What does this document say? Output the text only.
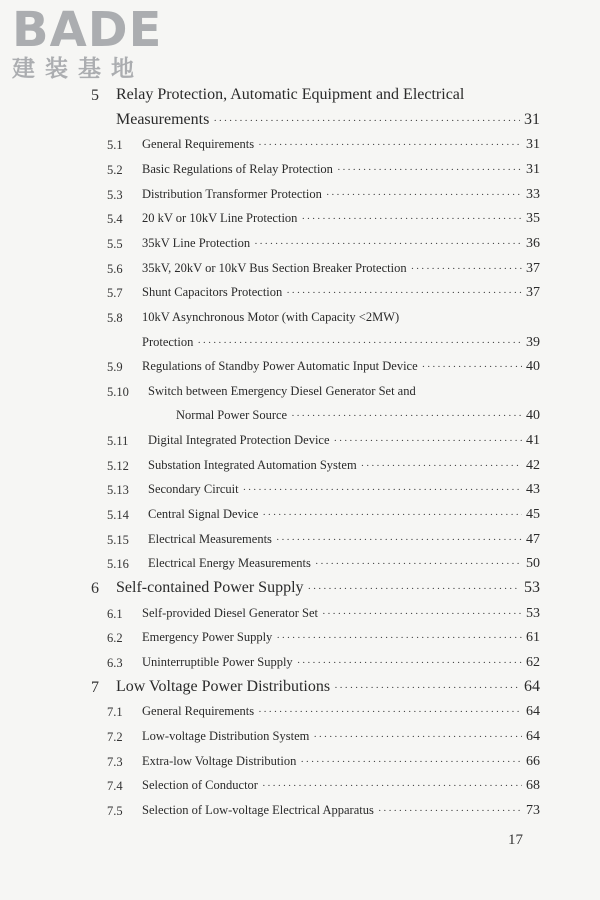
BADE
建装基地
5 Relay Protection, Automatic Equipment and Electrical
Measurements ·····	31
5.1 General Requirements ·····	31
5.2 Basic Regulations of Relay Protection ·····	31
5.3 Distribution Transformer Protection ·····	33
5.4 20 kV or 10kV Line Protection ·····	35
5.5 35kV Line Protection ·····	36
5.6 35kV, 20kV or 10kV Bus Section Breaker Protection ·····	37
5.7 Shunt Capacitors Protection ·····	37
5.8 10kV Asynchronous Motor (with Capacity <2MW)
Protection ·····	39
5.9 Regulations of Standby Power Automatic Input Device ·····	40
5.10 Switch between Emergency Diesel Generator Set and
Normal Power Source ·····	40
5.11 Digital Integrated Protection Device ·····	41
5.12 Substation Integrated Automation System ·····	42
5.13 Secondary Circuit ·····	43
5.14 Central Signal Device ·····	45
5.15 Electrical Measurements ·····	47
5.16 Electrical Energy Measurements ·····	50
6 Self-contained Power Supply ·····	53
6.1 Self-provided Diesel Generator Set ·····	53
6.2 Emergency Power Supply ·····	61
6.3 Uninterruptible Power Supply ·····	62
7 Low Voltage Power Distributions ·····	64
7.1 General Requirements ·····	64
7.2 Low-voltage Distribution System ·····	64
7.3 Extra-low Voltage Distribution ·····	66
7.4 Selection of Conductor ·····	68
7.5 Selection of Low-voltage Electrical Apparatus ·····	73
17
